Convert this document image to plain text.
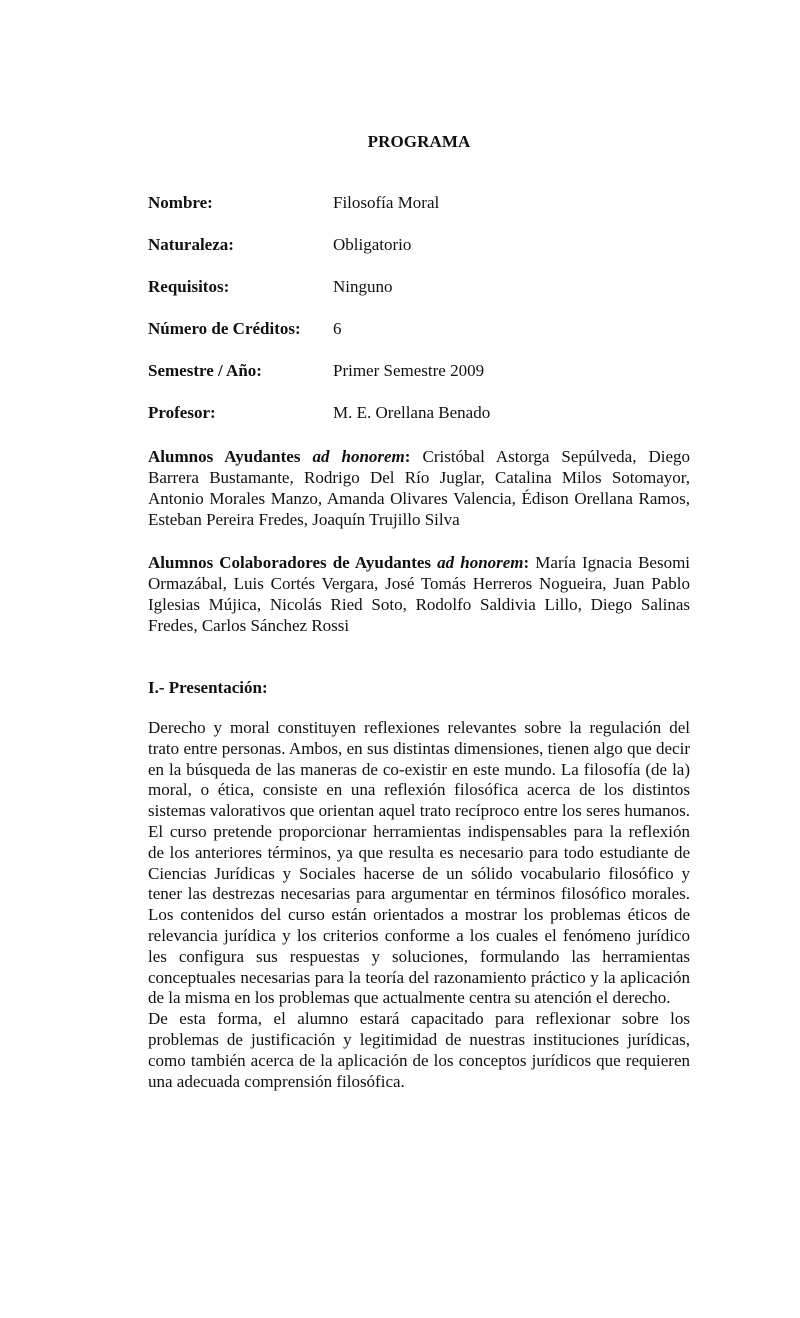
PROGRAMA
Nombre:	Filosofía Moral
Naturaleza:	Obligatorio
Requisitos:	Ninguno
Número de Créditos:	6
Semestre / Año:	Primer Semestre 2009
Profesor:	M. E. Orellana Benado

Alumnos Ayudantes ad honorem: Cristóbal Astorga Sepúlveda, Diego Barrera Bustamante, Rodrigo Del Río Juglar, Catalina Milos Sotomayor, Antonio Morales Manzo, Amanda Olivares Valencia, Édison Orellana Ramos, Esteban Pereira Fredes, Joaquín Trujillo Silva

Alumnos Colaboradores de Ayudantes ad honorem: María Ignacia Besomi Ormazábal, Luis Cortés Vergara, José Tomás Herreros Nogueira, Juan Pablo Iglesias Mújica, Nicolás Ried Soto, Rodolfo Saldivia Lillo, Diego Salinas Fredes, Carlos Sánchez Rossi

I.- Presentación:

Derecho y moral constituyen reflexiones relevantes sobre la regulación del trato entre personas. Ambos, en sus distintas dimensiones, tienen algo que decir en la búsqueda de las maneras de co-existir en este mundo. La filosofía (de la) moral, o ética, consiste en una reflexión filosófica acerca de los distintos sistemas valorativos que orientan aquel trato recíproco entre los seres humanos. El curso pretende proporcionar herramientas indispensables para la reflexión de los anteriores términos, ya que resulta es necesario para todo estudiante de Ciencias Jurídicas y Sociales hacerse de un sólido vocabulario filosófico y tener las destrezas necesarias para argumentar en términos filosófico morales. Los contenidos del curso están orientados a mostrar los problemas éticos de relevancia jurídica y los criterios conforme a los cuales el fenómeno jurídico les configura sus respuestas y soluciones, formulando las herramientas conceptuales necesarias para la teoría del razonamiento práctico y la aplicación de la misma en los problemas que actualmente centra su atención el derecho.

De esta forma, el alumno estará capacitado para reflexionar sobre los problemas de justificación y legitimidad de nuestras instituciones jurídicas, como también acerca de la aplicación de los conceptos jurídicos que requieren una adecuada comprensión filosófica.
